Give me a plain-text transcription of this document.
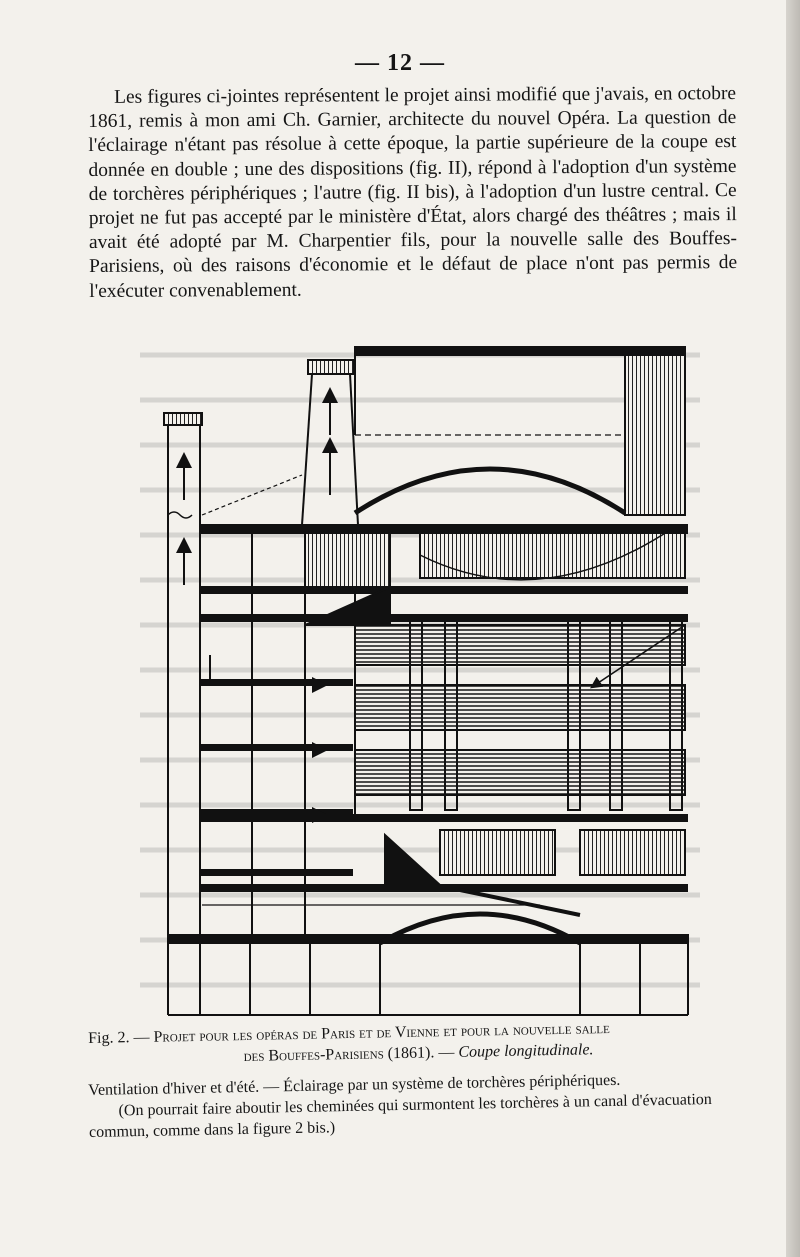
— 12 —

Les figures ci-jointes représentent le projet ainsi modifié que j'avais, en octobre 1861, remis à mon ami Ch. Garnier, architecte du nouvel Opéra. La question de l'éclairage n'étant pas résolue à cette époque, la partie supérieure de la coupe est donnée en double ; une des dispositions (fig. II), répond à l'adoption d'un système de torchères périphériques ; l'autre (fig. II bis), à l'adoption d'un lustre central. Ce projet ne fut pas accepté par le ministère d'État, alors chargé des théâtres ; mais il avait été adopté par M. Charpentier fils, pour la nouvelle salle des Bouffes-Parisiens, où des raisons d'économie et le défaut de place n'ont pas permis de l'exécuter convenablement.

Fig. 2. — Projet pour les opéras de Paris et de Vienne et pour la nouvelle salle

des Bouffes-Parisiens (1861). — Coupe longitudinale.

Ventilation d'hiver et d'été. — Éclairage par un système de torchères périphériques.

(On pourrait faire aboutir les cheminées qui surmontent les torchères à un canal d'évacuation commun, comme dans la figure 2 bis.)
